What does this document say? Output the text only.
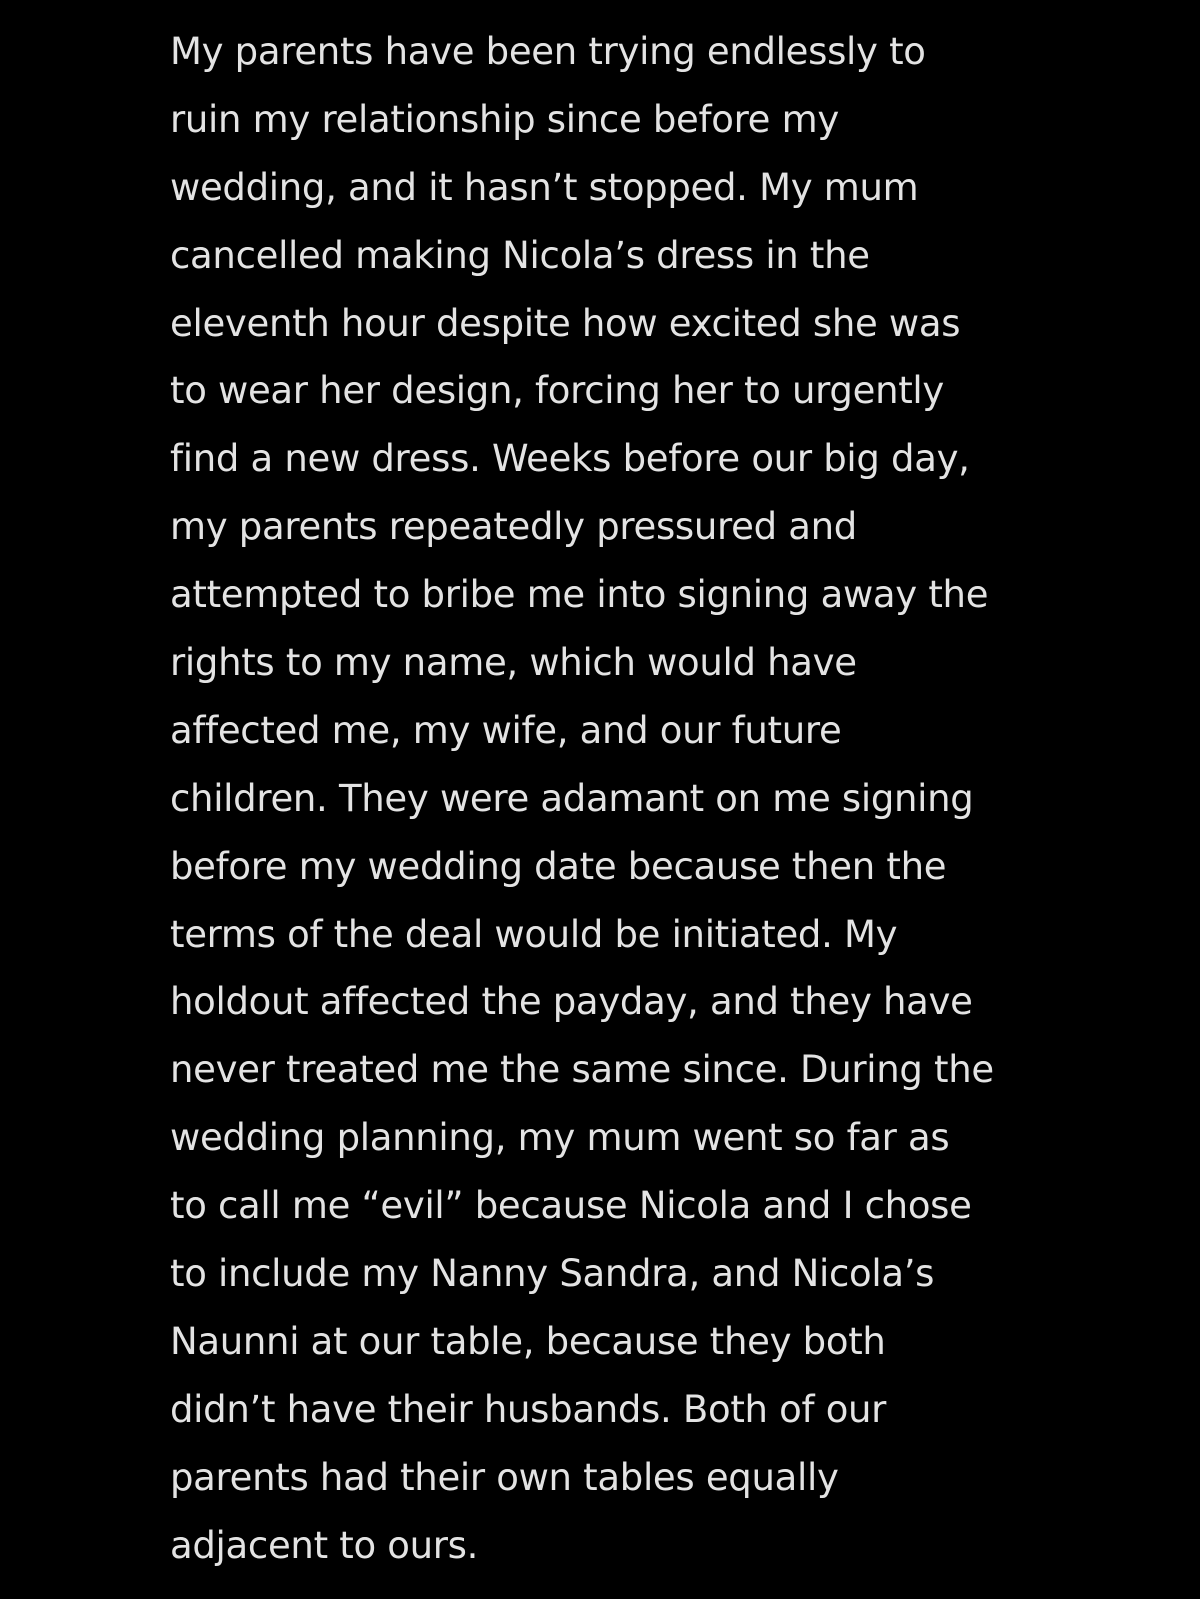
My parents have been trying endlessly to
ruin my relationship since before my
wedding, and it hasn’t stopped. My mum
cancelled making Nicola’s dress in the
eleventh hour despite how excited she was
to wear her design, forcing her to urgently
find a new dress. Weeks before our big day,
my parents repeatedly pressured and
attempted to bribe me into signing away the
rights to my name, which would have
affected me, my wife, and our future
children. They were adamant on me signing
before my wedding date because then the
terms of the deal would be initiated. My
holdout affected the payday, and they have
never treated me the same since. During the
wedding planning, my mum went so far as
to call me “evil” because Nicola and I chose
to include my Nanny Sandra, and Nicola’s
Naunni at our table, because they both
didn’t have their husbands. Both of our
parents had their own tables equally
adjacent to ours.
